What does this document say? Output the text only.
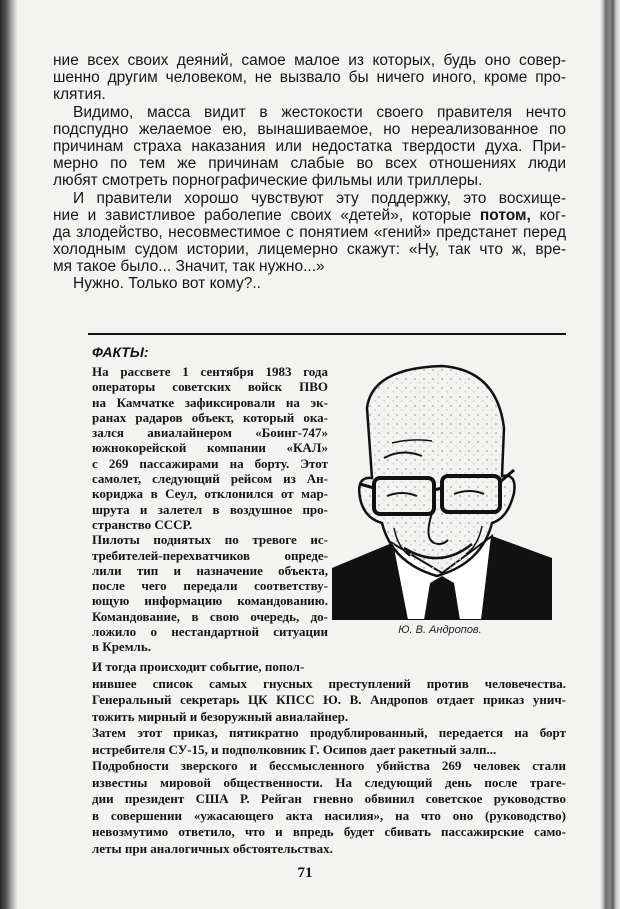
ние всех своих деяний, самое малое из которых, будь оно совер-
шенно другим человеком, не вызвало бы ничего иного, кроме про-
клятия.
Видимо, масса видит в жестокости своего правителя нечто
подспудно желаемое ею, вынашиваемое, но нереализованное по
причинам страха наказания или недостатка твердости духа. При-
мерно по тем же причинам слабые во всех отношениях люди
любят смотреть порнографические фильмы или триллеры.
И правители хорошо чувствуют эту поддержку, это восхище-
ние и завистливое раболепие своих «детей», которые потом, ког-
да злодейство, несовместимое с понятием «гений» предстанет перед
холодным судом истории, лицемерно скажут: «Ну, так что ж, вре-
мя такое было... Значит, так нужно...»
Нужно. Только вот кому?..
ФАКТЫ:
На рассвете 1 сентября 1983 года
операторы советских войск ПВО
на Камчатке зафиксировали на эк-
ранах радаров объект, который ока-
зался авиалайнером «Боинг-747»
южнокорейской компании «КАЛ»
с 269 пассажирами на борту. Этот
самолет, следующий рейсом из Ан-
кориджа в Сеул, отклонился от мар-
шрута и залетел в воздушное про-
странство СССР.
Пилоты поднятых по тревоге ис-
требителей-перехватчиков опреде-
лили тип и назначение объекта,
после чего передали соответству-
ющую информацию командованию.
Командование, в свою очередь, до-
ложило о нестандартной ситуации
в Кремль.
И тогда происходит событие, попол-
нившее список самых гнусных преступлений против человечества.
Генеральный секретарь ЦК КПСС Ю. В. Андропов отдает приказ унич-
тожить мирный и безоружный авиалайнер.
Затем этот приказ, пятикратно продублированный, передается на борт
истребителя СУ-15, и подполковник Г. Осипов дает ракетный залп...
Подробности зверского и бессмысленного убийства 269 человек стали
известны мировой общественности. На следующий день после траге-
дии президент США Р. Рейган гневно обвинил советское руководство
в совершении «ужасающего акта насилия», на что оно (руководство)
невозмутимо ответило, что и впредь будет сбивать пассажирские само-
леты при аналогичных обстоятельствах.
Ю. В. Андропов.
71
